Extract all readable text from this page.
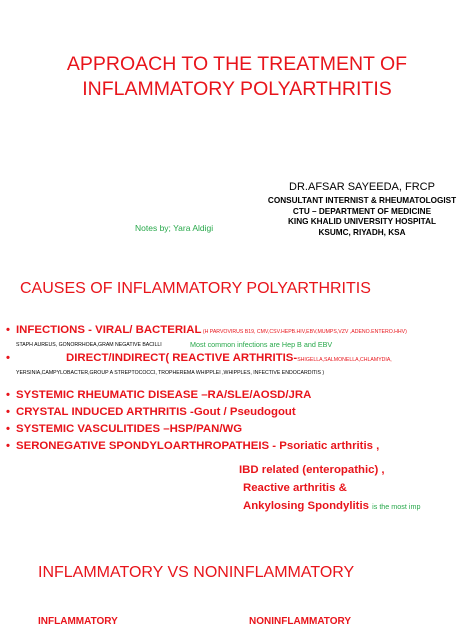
APPROACH TO THE TREATMENT OF
INFLAMMATORY POLYARTHRITIS
DR.AFSAR SAYEEDA, FRCP
CONSULTANT INTERNIST & RHEUMATOLOGIST
CTU – DEPARTMENT OF MEDICINE
KING KHALID UNIVERSITY HOSPITAL
KSUMC, RIYADH, KSA
Notes by; Yara Aldigi
CAUSES OF INFLAMMATORY POLYARTHRITIS
• INFECTIONS - VIRAL/ BACTERIAL (H PARVOVIRUS B19, CMV,CSV.HEPB.HIV,EBV,MUMPS,VZV ,ADENO.ENTERO.HHV)
STAPH AUREUS, GONORRHOEA,GRAM NEGATIVE BACILLI	Most common infections are Hep B and EBV
•	DIRECT/INDIRECT( REACTIVE ARTHRITIS-SHIGELLA,SALMONELLA,CHLAMYDIA,
YERSINIA,CAMPYLOBACTER,GROUP A STREPTOCOCCI, TROPHEREMA WHIPPLEI ,WHIPPLES, INFECTIVE ENDOCARDITIS )
• SYSTEMIC RHEUMATIC DISEASE –RA/SLE/AOSD/JRA
• CRYSTAL INDUCED ARTHRITIS -Gout / Pseudogout
• SYSTEMIC VASCULITIDES –HSP/PAN/WG
• SERONEGATIVE SPONDYLOARTHROPATHEIS - Psoriatic arthritis ,
IBD related (enteropathic) ,
Reactive arthritis &
Ankylosing Spondylitis is the most imp
INFLAMMATORY VS NONINFLAMMATORY
INFLAMMATORY	NONINFLAMMATORY
